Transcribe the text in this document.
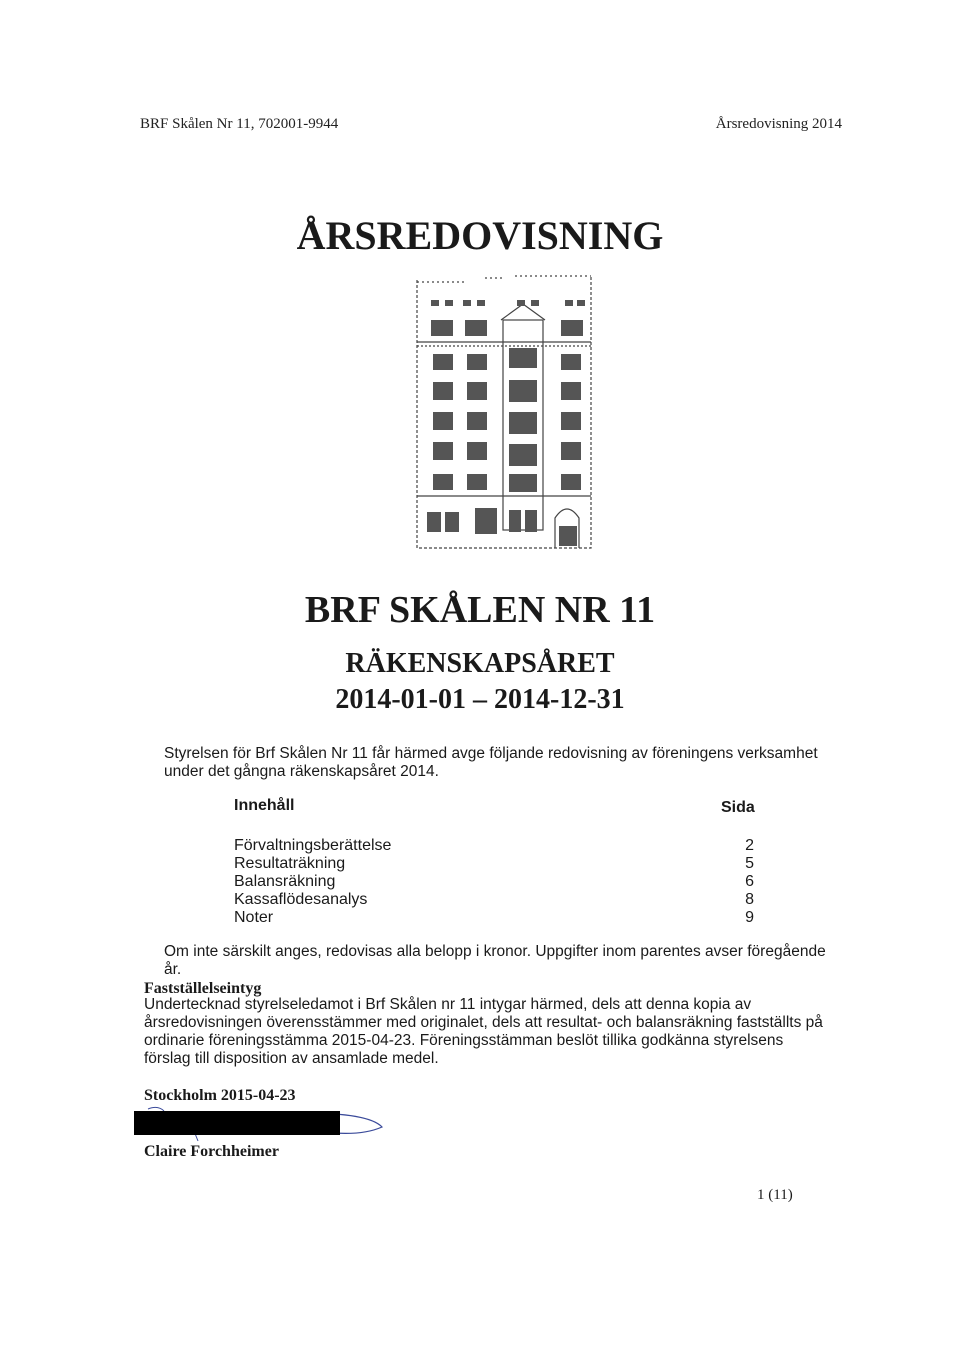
BRF Skålen Nr 11, 702001-9944	Årsredovisning 2014
ÅRSREDOVISNING
BRF SKÅLEN NR 11
RÄKENSKAPSÅRET
2014-01-01 – 2014-12-31
Styrelsen för Brf Skålen Nr 11 får härmed avge följande redovisning av föreningens verksamhet under det gångna räkenskapsåret 2014.
Innehåll	Sida
Förvaltningsberättelse	2
Resultaträkning	5
Balansräkning	6
Kassaflödesanalys	8
Noter	9
Om inte särskilt anges, redovisas alla belopp i kronor. Uppgifter inom parentes avser föregående år.
Fastställelseintyg
Undertecknad styrelseledamot i Brf Skålen nr 11 intygar härmed, dels att denna kopia av årsredovisningen överensstämmer med originalet, dels att resultat- och balansräkning fastställts på ordinarie föreningsstämma 2015-04-23. Föreningsstämman beslöt tillika godkänna styrelsens förslag till disposition av ansamlade medel.
Stockholm 2015-04-23
Claire Forchheimer
1 (11)
